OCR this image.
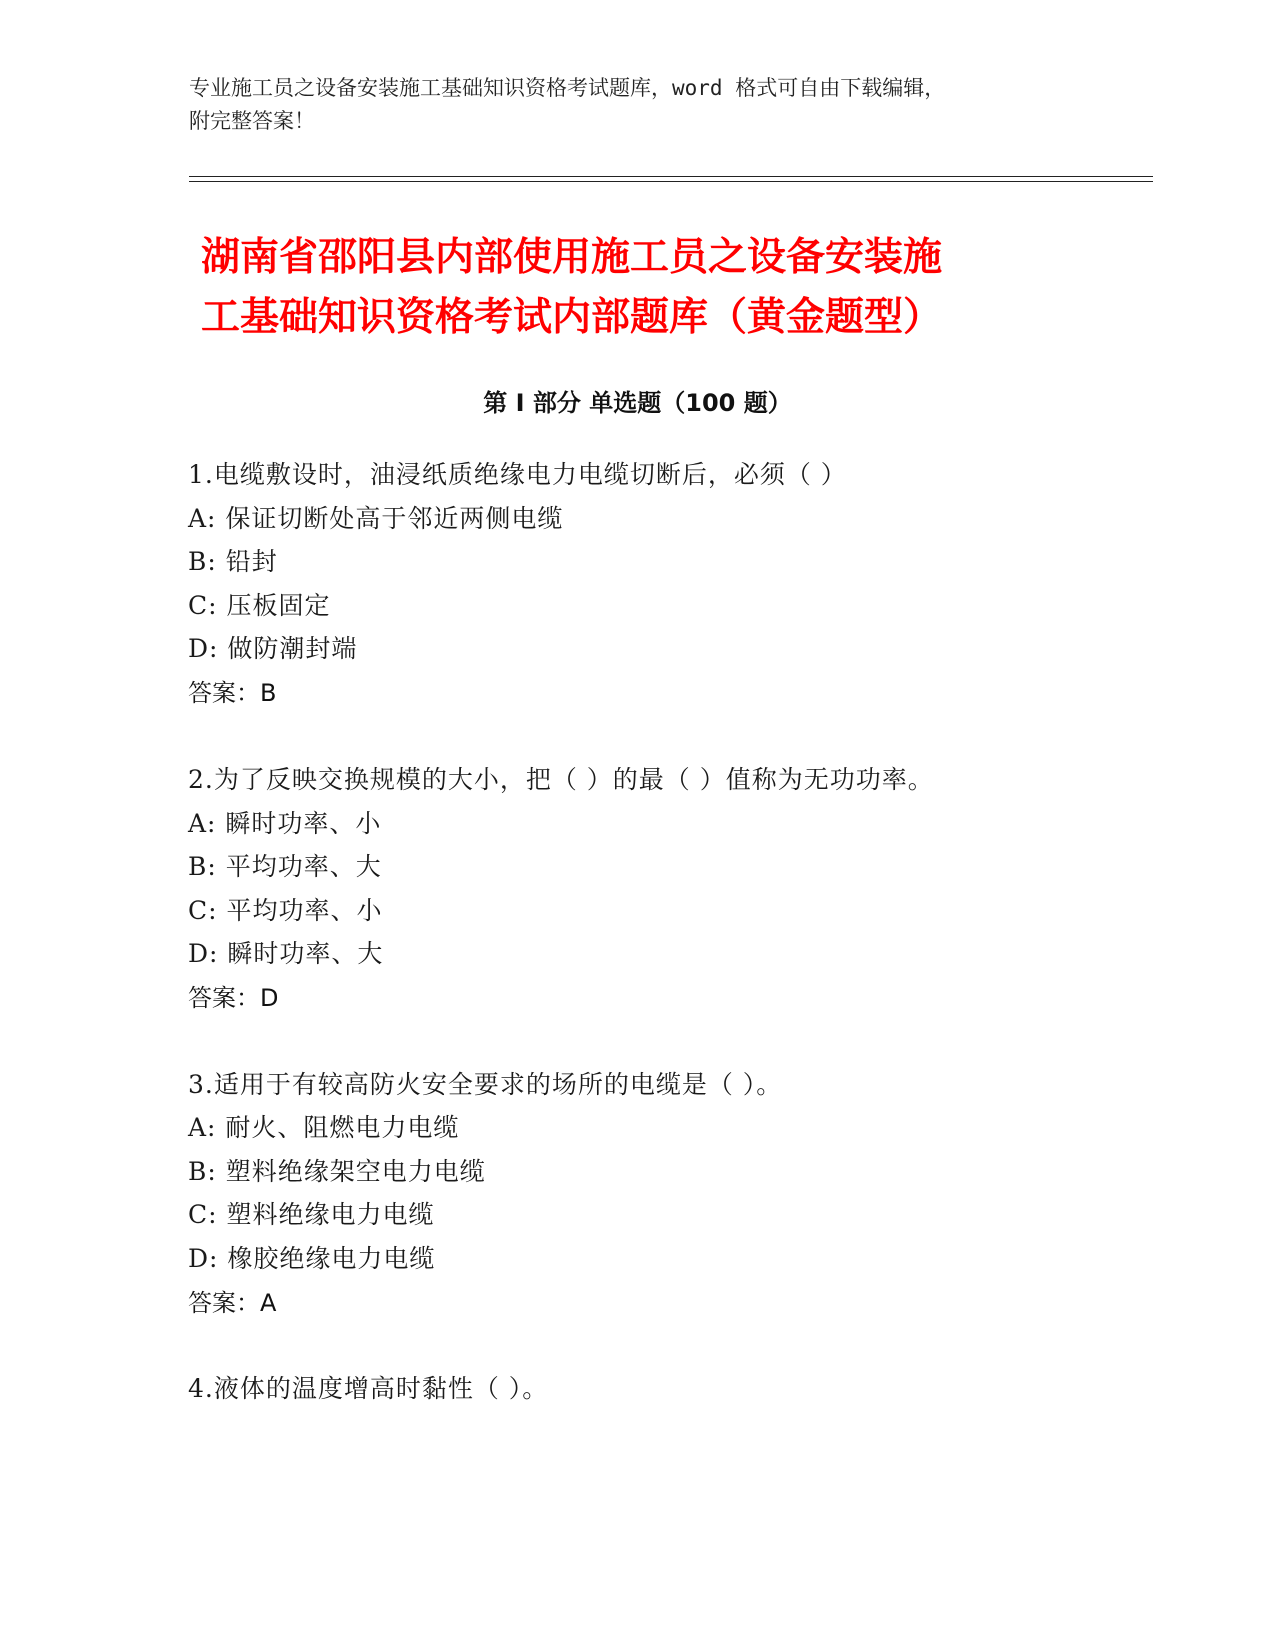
专业施工员之设备安装施工基础知识资格考试题库，word 格式可自由下载编辑，
附完整答案！
湖南省邵阳县内部使用施工员之设备安装施
工基础知识资格考试内部题库（黄金题型）
第 I 部分 单选题（100 题）
1.电缆敷设时，油浸纸质绝缘电力电缆切断后，必须（ ）
A: 保证切断处高于邻近两侧电缆
B: 铅封
C: 压板固定
D: 做防潮封端
答案：B
2.为了反映交换规模的大小，把（ ）的最（ ）值称为无功功率。
A: 瞬时功率、小
B: 平均功率、大
C: 平均功率、小
D: 瞬时功率、大
答案：D
3.适用于有较高防火安全要求的场所的电缆是（ ）。
A: 耐火、阻燃电力电缆
B: 塑料绝缘架空电力电缆
C: 塑料绝缘电力电缆
D: 橡胶绝缘电力电缆
答案：A
4.液体的温度增高时黏性（ ）。
